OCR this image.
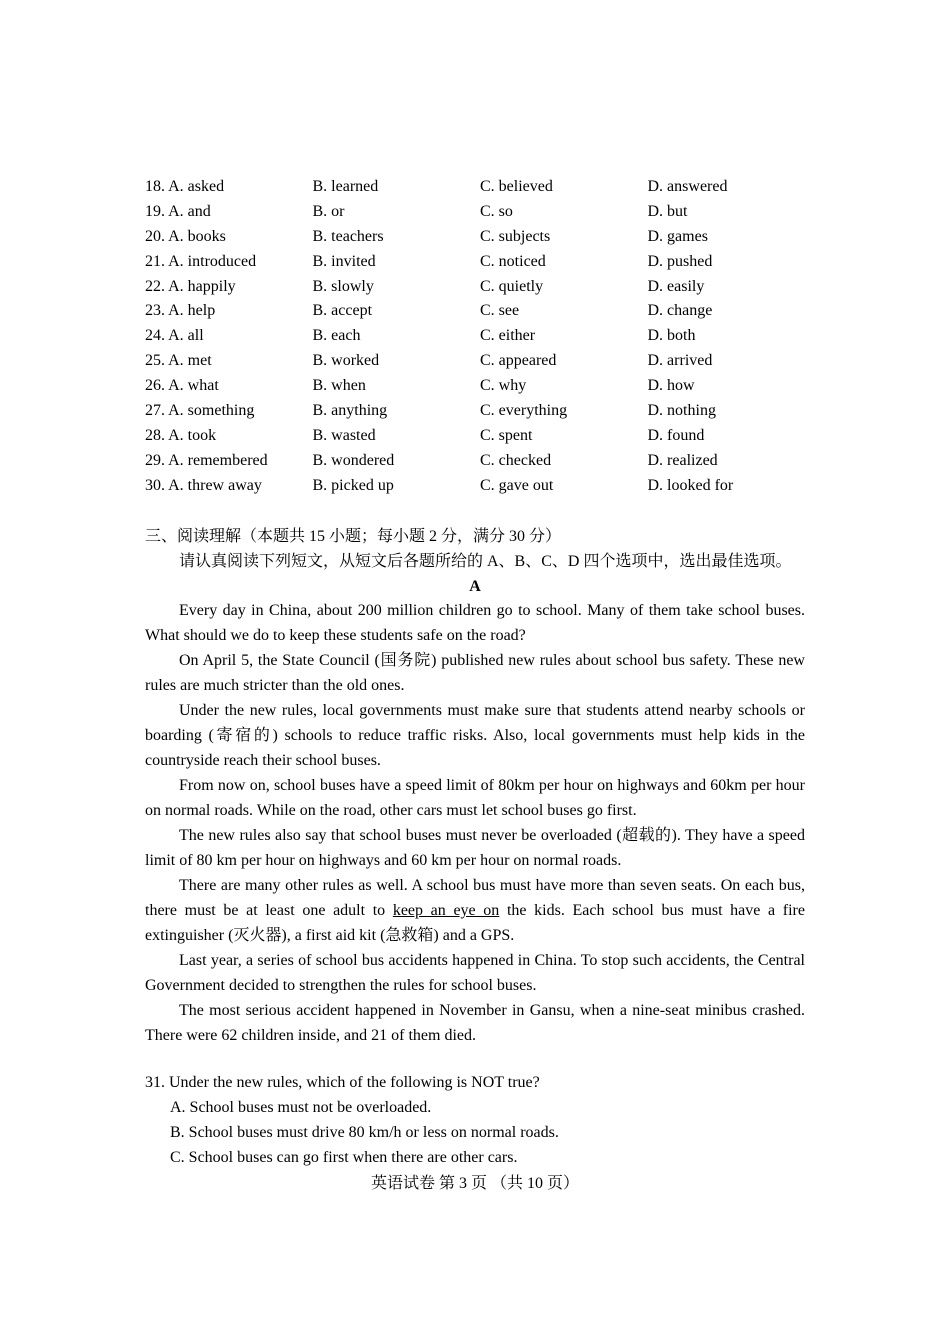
18. A. asked	B. learned	C. believed	D. answered
19. A. and	B. or	C. so	D. but
20. A. books	B. teachers	C. subjects	D. games
21. A. introduced	B. invited	C. noticed	D. pushed
22. A. happily	B. slowly	C. quietly	D. easily
23. A. help	B. accept	C. see	D. change
24. A. all	B. each	C. either	D. both
25. A. met	B. worked	C. appeared	D. arrived
26. A. what	B. when	C. why	D. how
27. A. something	B. anything	C. everything	D. nothing
28. A. took	B. wasted	C. spent	D. found
29. A. remembered	B. wondered	C. checked	D. realized
30. A. threw away	B. picked up	C. gave out	D. looked for
三、阅读理解（本题共 15 小题；每小题 2 分，满分 30 分）
请认真阅读下列短文，从短文后各题所给的 A、B、C、D 四个选项中，选出最佳选项。
A

Every day in China, about 200 million children go to school. Many of them take school buses. What should we do to keep these students safe on the road?

On April 5, the State Council (国务院) published new rules about school bus safety. These new rules are much stricter than the old ones.

Under the new rules, local governments must make sure that students attend nearby schools or boarding (寄宿的) schools to reduce traffic risks. Also, local governments must help kids in the countryside reach their school buses.

From now on, school buses have a speed limit of 80km per hour on highways and 60km per hour on normal roads. While on the road, other cars must let school buses go first.

The new rules also say that school buses must never be overloaded (超载的). They have a speed limit of 80 km per hour on highways and 60 km per hour on normal roads.

There are many other rules as well. A school bus must have more than seven seats. On each bus, there must be at least one adult to keep an eye on the kids. Each school bus must have a fire extinguisher (灭火器), a first aid kit (急救箱) and a GPS.

Last year, a series of school bus accidents happened in China. To stop such accidents, the Central Government decided to strengthen the rules for school buses.

The most serious accident happened in November in Gansu, when a nine-seat minibus crashed. There were 62 children inside, and 21 of them died.

31. Under the new rules, which of the following is NOT true?
A. School buses must not be overloaded.
B. School buses must drive 80 km/h or less on normal roads.
C. School buses can go first when there are other cars.
英语试卷 第 3 页 （共 10 页）
